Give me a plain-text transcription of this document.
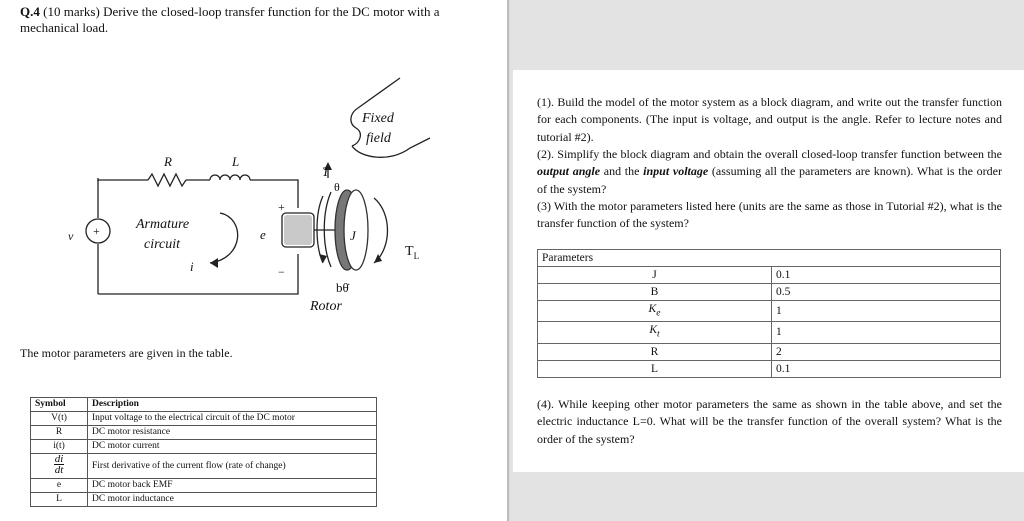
Q.4 (10 marks) Derive the closed-loop transfer function for the DC motor with a mechanical load.
R	L
v +	Armature
circuit
i
e
+
−
T
θ
J
$T_L$
bθ̇
Rotor
Fixed
field
The motor parameters are given in the table.
Symbol	Description
V(t)	Input voltage to the electrical circuit of the DC motor
R	DC motor resistance
i(t)	DC motor current

$\frac{di}{dt}$	First derivative of the current flow (rate of change)
e	DC motor back EMF
L	DC motor inductance
(1). Build the model of the motor system as a block diagram, and write out the transfer function for each components. (The input is voltage, and output is the angle. Refer to lecture notes and tutorial #2).
(2). Simplify the block diagram and obtain the overall closed-loop transfer function between the output angle and the input voltage (assuming all the parameters are known). What is the order of the system?
(3) With the motor parameters listed here (units are the same as those in Tutorial #2), what is the transfer function of the system?
Parameters	
J	0.1
B	0.5
$K_e$	1
$K_t$	1
R	2
L	0.1
(4). While keeping other motor parameters the same as shown in the table above, and set the electric inductance L=0. What will be the transfer function of the overall system? What is the order of the system?
